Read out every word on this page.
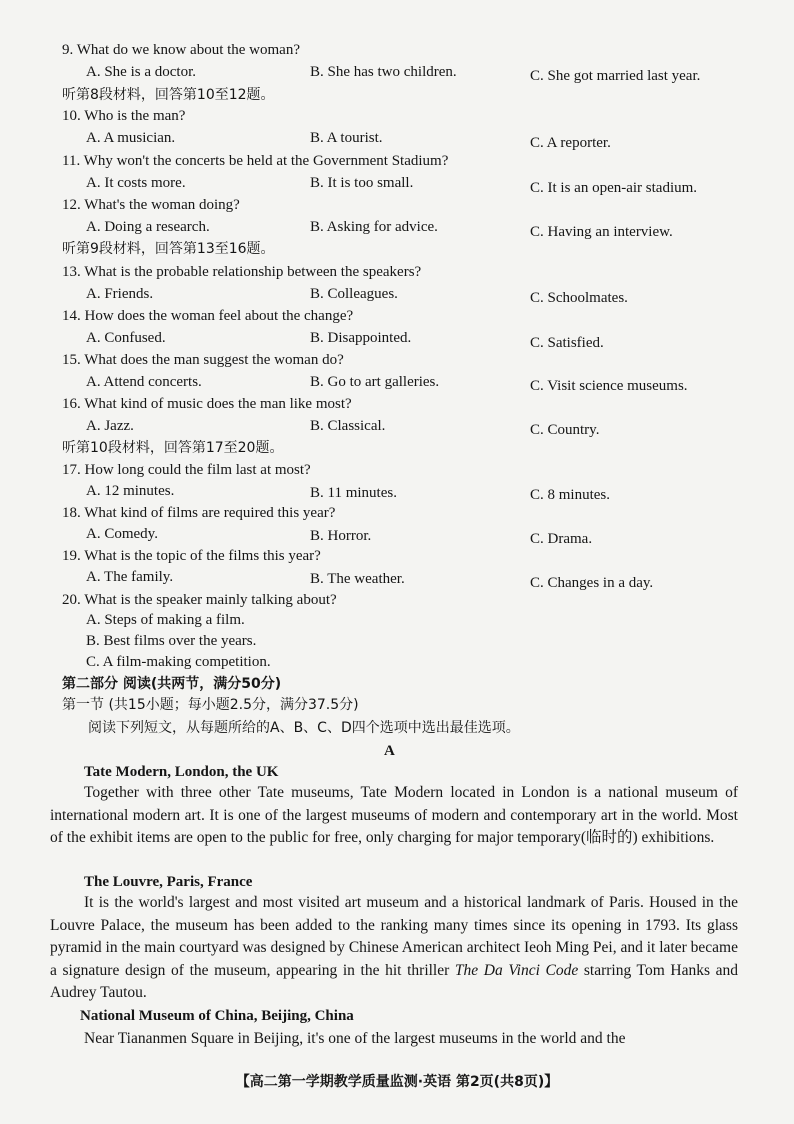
9. What do we know about the woman?
A. She is a doctor.	B. She has two children.	C. She got married last year.
听第8段材料，回答第10至12题。
10. Who is the man?
A. A musician.	B. A tourist.	C. A reporter.
11. Why won't the concerts be held at the Government Stadium?
A. It costs more.	B. It is too small.	C. It is an open-air stadium.
12. What's the woman doing?
A. Doing a research.	B. Asking for advice.	C. Having an interview.
听第9段材料，回答第13至16题。
13. What is the probable relationship between the speakers?
A. Friends.	B. Colleagues.	C. Schoolmates.
14. How does the woman feel about the change?
A. Confused.	B. Disappointed.	C. Satisfied.
15. What does the man suggest the woman do?
A. Attend concerts.	B. Go to art galleries.	C. Visit science museums.
16. What kind of music does the man like most?
A. Jazz.	B. Classical.	C. Country.
听第10段材料，回答第17至20题。
17. How long could the film last at most?
A. 12 minutes.	B. 11 minutes.	C. 8 minutes.
18. What kind of films are required this year?
A. Comedy.	B. Horror.	C. Drama.
19. What is the topic of the films this year?
A. The family.	B. The weather.	C. Changes in a day.
20. What is the speaker mainly talking about?
A. Steps of making a film.
B. Best films over the years.
C. A film-making competition.
第二部分 阅读(共两节，满分50分)
第一节 (共15小题；每小题2.5分，满分37.5分)
阅读下列短文，从每题所给的A、B、C、D四个选项中选出最佳选项。
A
Tate Modern, London, the UK
Together with three other Tate museums, Tate Modern located in London is a national museum of international modern art. It is one of the largest museums of modern and contemporary art in the world. Most of the exhibit items are open to the public for free, only charging for major temporary(临时的) exhibitions.
The Louvre, Paris, France
It is the world's largest and most visited art museum and a historical landmark of Paris. Housed in the Louvre Palace, the museum has been added to the ranking many times since its opening in 1793. Its glass pyramid in the main courtyard was designed by Chinese American architect Ieoh Ming Pei, and it later became a signature design of the museum, appearing in the hit thriller The Da Vinci Code starring Tom Hanks and Audrey Tautou.
National Museum of China, Beijing, China
Near Tiananmen Square in Beijing, it's one of the largest museums in the world and the
【高二第一学期教学质量监测·英语 第2页(共8页)】
